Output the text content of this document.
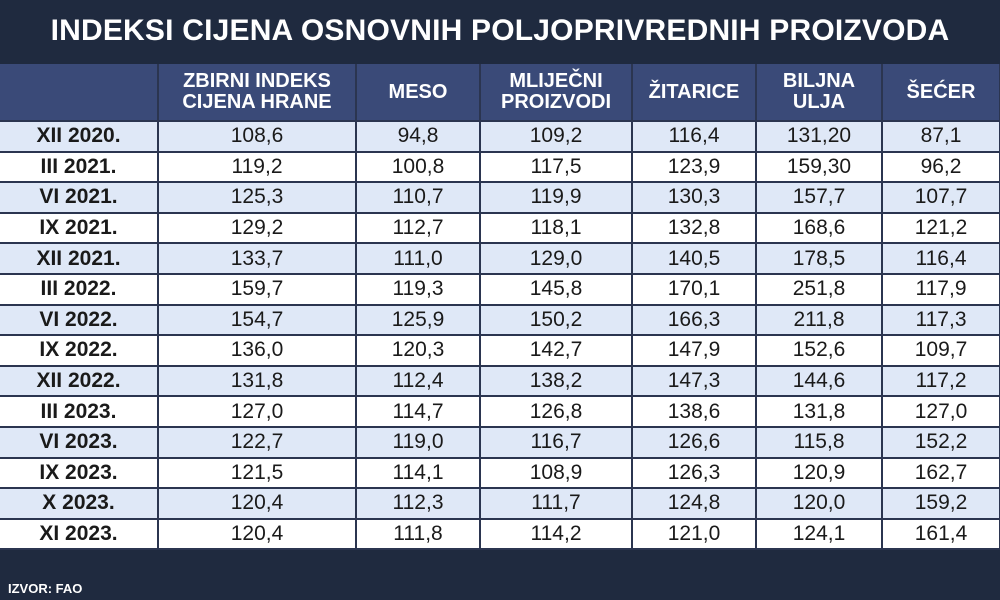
INDEKSI CIJENA OSNOVNIH POLJOPRIVREDNIH PROIZVODA
	ZBIRNI INDEKS CIJENA HRANE	MESO	MLIJEČNI PROIZVODI	ŽITARICE	BILJNA ULJA	ŠEĆER
XII 2020.	108,6	94,8	109,2	116,4	131,20	87,1
III 2021.	119,2	100,8	117,5	123,9	159,30	96,2
VI 2021.	125,3	110,7	119,9	130,3	157,7	107,7
IX 2021.	129,2	112,7	118,1	132,8	168,6	121,2
XII 2021.	133,7	111,0	129,0	140,5	178,5	116,4
III 2022.	159,7	119,3	145,8	170,1	251,8	117,9
VI 2022.	154,7	125,9	150,2	166,3	211,8	117,3
IX 2022.	136,0	120,3	142,7	147,9	152,6	109,7
XII 2022.	131,8	112,4	138,2	147,3	144,6	117,2
III 2023.	127,0	114,7	126,8	138,6	131,8	127,0
VI 2023.	122,7	119,0	116,7	126,6	115,8	152,2
IX 2023.	121,5	114,1	108,9	126,3	120,9	162,7
X 2023.	120,4	112,3	111,7	124,8	120,0	159,2
XI 2023.	120,4	111,8	114,2	121,0	124,1	161,4
IZVOR: FAO
